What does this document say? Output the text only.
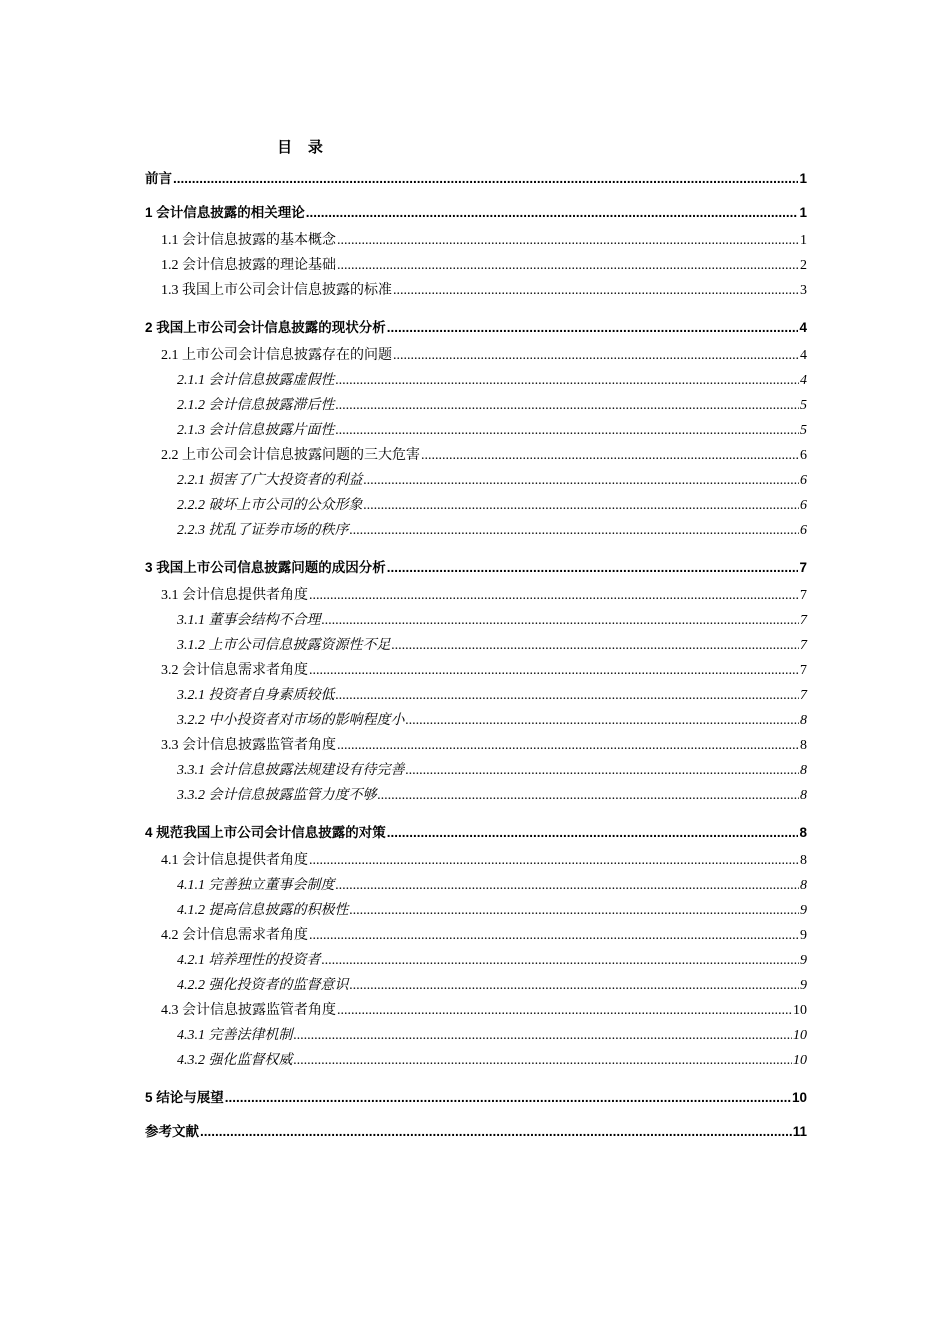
目 录
前言 .....	1
1 会计信息披露的相关理论 .....	1
1.1 会计信息披露的基本概念 .....	1
1.2 会计信息披露的理论基础 .....	2
1.3 我国上市公司会计信息披露的标准 .....	3
2 我国上市公司会计信息披露的现状分析 .....	4
2.1 上市公司会计信息披露存在的问题 .....	4
2.1.1 会计信息披露虚假性 .....	4
2.1.2 会计信息披露滞后性 .....	5
2.1.3 会计信息披露片面性 .....	5
2.2 上市公司会计信息披露问题的三大危害 .....	6
2.2.1 损害了广大投资者的利益 .....	6
2.2.2 破坏上市公司的公众形象 .....	6
2.2.3 扰乱了证券市场的秩序 .....	6
3 我国上市公司信息披露问题的成因分析 .....	7
3.1 会计信息提供者角度 .....	7
3.1.1 董事会结构不合理 .....	7
3.1.2 上市公司信息披露资源性不足 .....	7
3.2 会计信息需求者角度 .....	7
3.2.1 投资者自身素质较低 .....	7
3.2.2 中小投资者对市场的影响程度小 .....	8
3.3 会计信息披露监管者角度 .....	8
3.3.1 会计信息披露法规建设有待完善 .....	8
3.3.2 会计信息披露监管力度不够 .....	8
4 规范我国上市公司会计信息披露的对策 .....	8
4.1 会计信息提供者角度 .....	8
4.1.1 完善独立董事会制度 .....	8
4.1.2 提高信息披露的积极性 .....	9
4.2 会计信息需求者角度 .....	9
4.2.1 培养理性的投资者 .....	9
4.2.2 强化投资者的监督意识 .....	9
4.3 会计信息披露监管者角度 .....	10
4.3.1 完善法律机制 .....	10
4.3.2 强化监督权威 .....	10
5 结论与展望 .....	10
参考文献 .....	11
